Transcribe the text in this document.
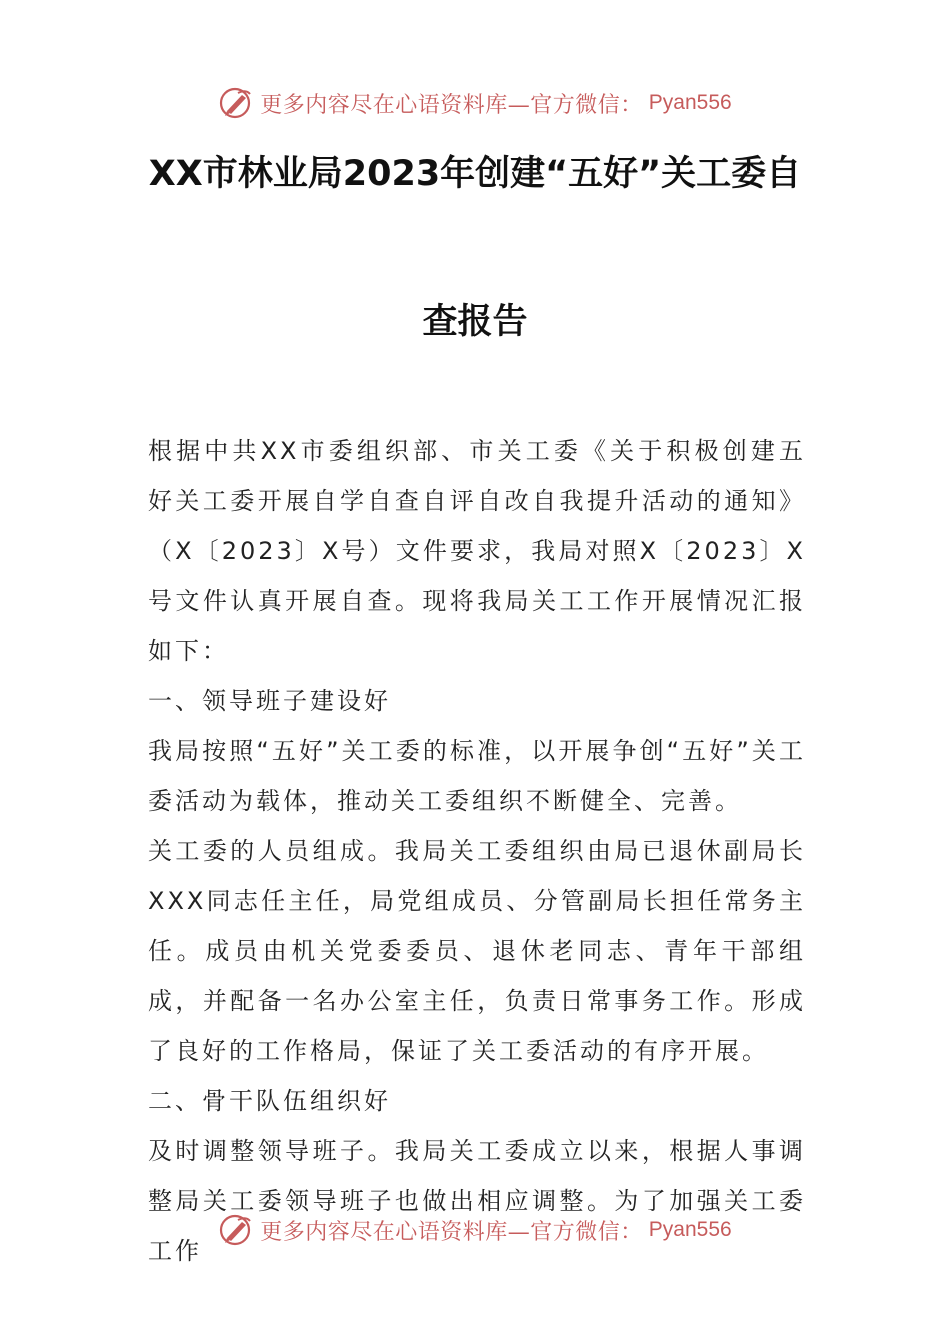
更多内容尽在心语资料库—官方微信： Pyan556
XX市林业局2023年创建“五好”关工委自
查报告

根据中共XX市委组织部、市关工委《关于积极创建五好关工委开展自学自查自评自改自我提升活动的通知》（X〔2023〕X号）文件要求，我局对照X〔2023〕X号文件认真开展自查。现将我局关工工作开展情况汇报如下：

一、领导班子建设好

我局按照“五好”关工委的标准，以开展争创“五好”关工委活动为载体，推动关工委组织不断健全、完善。

关工委的人员组成。我局关工委组织由局已退休副局长XXX同志任主任，局党组成员、分管副局长担任常务主任。成员由机关党委委员、退休老同志、青年干部组成，并配备一名办公室主任，负责日常事务工作。形成了良好的工作格局，保证了关工委活动的有序开展。

二、骨干队伍组织好

及时调整领导班子。我局关工委成立以来，根据人事调整局关工委领导班子也做出相应调整。为了加强关工委工作

更多内容尽在心语资料库—官方微信： Pyan556
